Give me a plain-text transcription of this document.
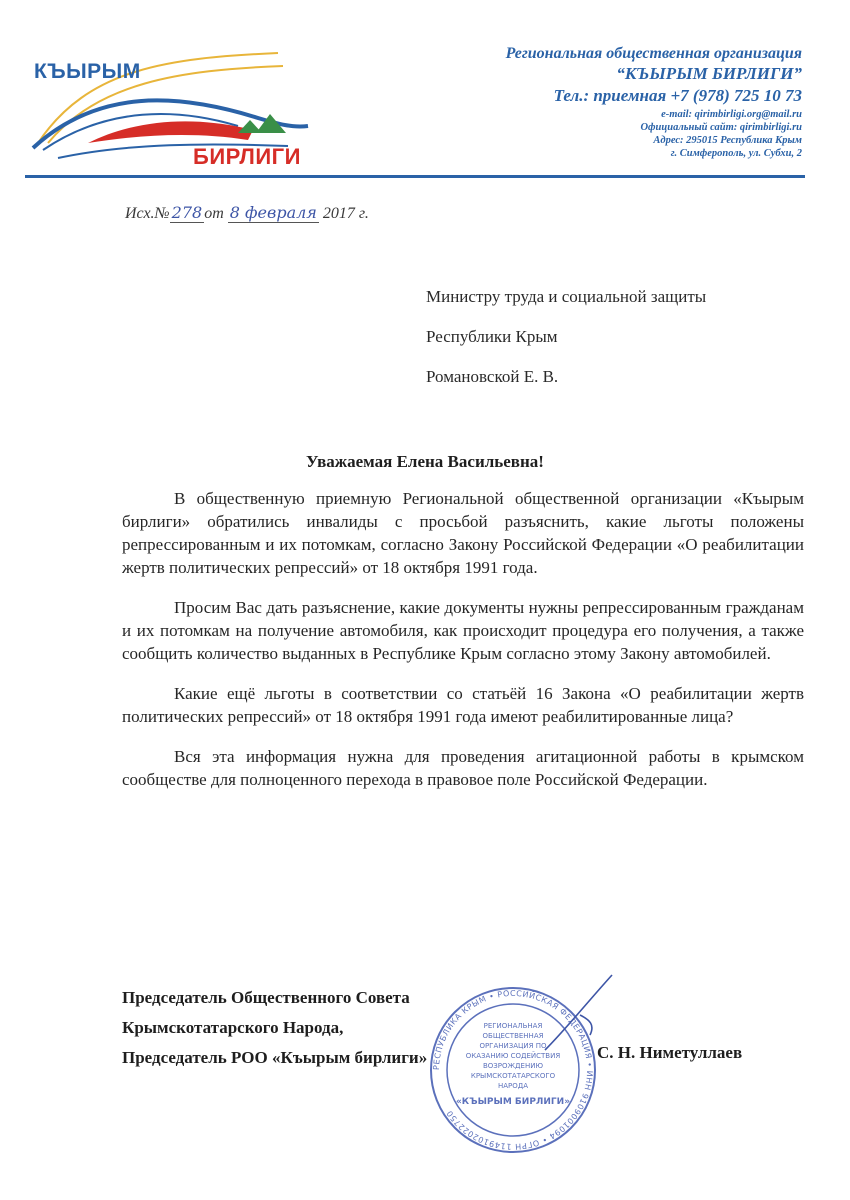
КЪЫРЫМ
БИРЛИГИ
Региональная общественная организация
“КЪЫРЫМ БИРЛИГИ”
Тел.: приемная +7 (978) 725 10 73
e-mail: qirimbirligi.org@mail.ru
Официальный сайт: qirimbirligi.ru
Адрес: 295015 Республика Крым
г. Симферополь, ул. Субхи, 2
Исх.№ 278 от 8 февраля 2017 г.
Министру труда и социальной защиты
Республики Крым
Романовской Е. В.
Уважаемая Елена Васильевна!

В общественную приемную Региональной общественной организации «Къырым бирлиги» обратились инвалиды с просьбой разъяснить, какие льготы положены репрессированным и их потомкам, согласно Закону Российской Федерации «О реабилитации жертв политических репрессий» от 18 октября 1991 года.

Просим Вас дать разъяснение, какие документы нужны репрессированным гражданам и их потомкам на получение автомобиля, как происходит процедура его получения, а также сообщить количество выданных в Республике Крым согласно этому Закону автомобилей.

Какие ещё льготы в соответствии со статьёй 16 Закона «О реабилитации жертв политических репрессий» от 18 октября 1991 года имеют реабилитированные лица?

Вся эта информация нужна для проведения агитационной работы в крымском сообществе для полноценного перехода в правовое поле Российской Федерации.

Председатель Общественного Совета
Крымскотатарского Народа,
Председатель РОО «Къырым бирлиги»
РЕСПУБЛИКА КРЫМ • РОССИЙСКАЯ ФЕДЕРАЦИЯ • ИНН 9109001094 • ОГРН 1149102022750
РЕГИОНАЛЬНАЯ
ОБЩЕСТВЕННАЯ
ОРГАНИЗАЦИЯ ПО
ОКАЗАНИЮ СОДЕЙСТВИЯ
ВОЗРОЖДЕНИЮ
КРЫМСКОТАТАРСКОГО
НАРОДА
«КЪЫРЫМ БИРЛИГИ»
С. Н. Ниметуллаев
